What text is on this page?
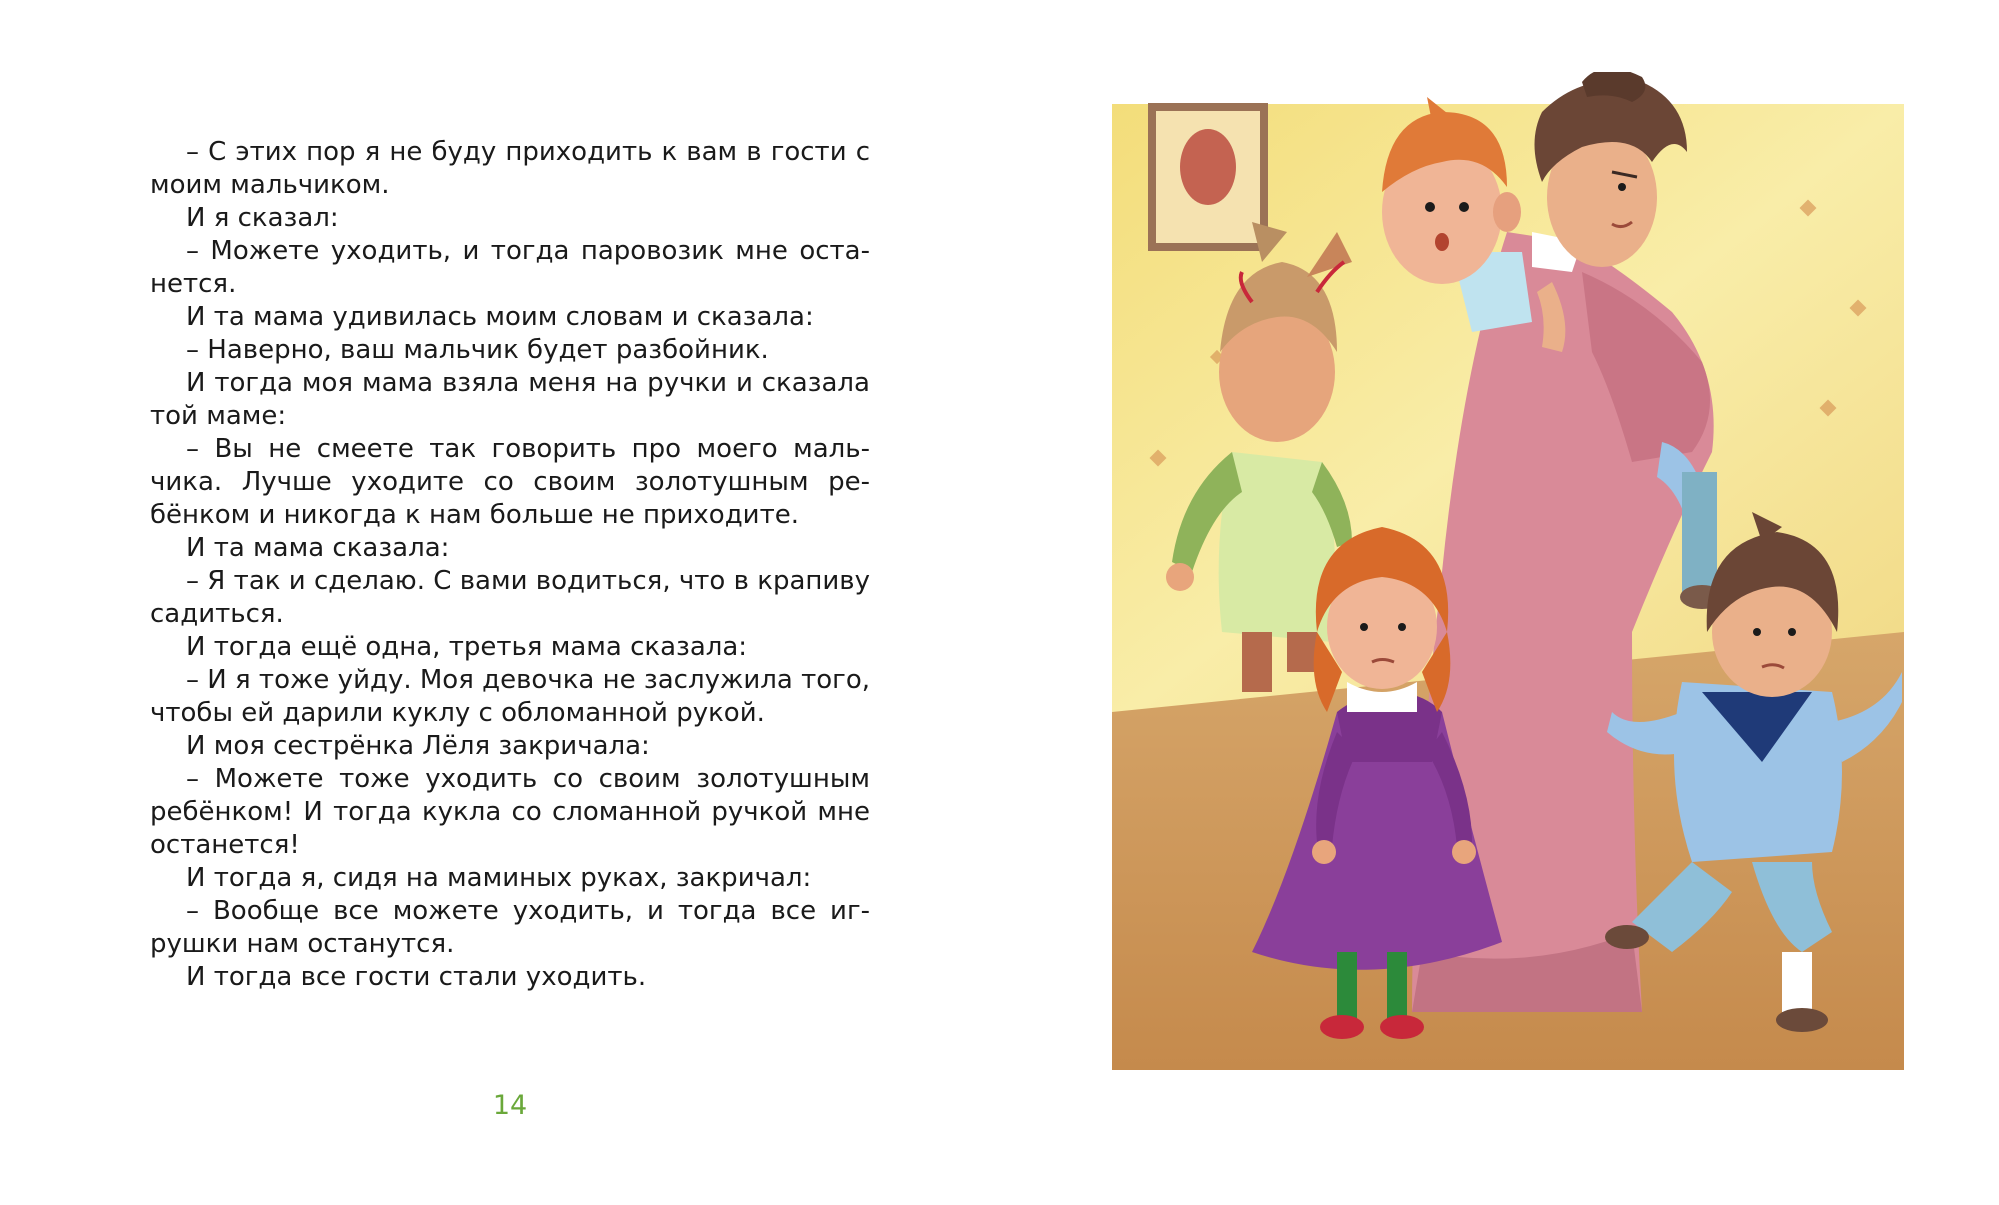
– С этих пор я не буду приходить к вам в гости с моим мальчиком.

И я сказал:

– Можете уходить, и тогда паровозик мне останется.

И та мама удивилась моим словам и сказала:

– Наверно, ваш мальчик будет разбойник.

И тогда моя мама взяла меня на ручки и сказала той маме:

– Вы не смеете так говорить про моего мальчика. Лучше уходите со своим золотушным ребёнком и никогда к нам больше не приходите.

И та мама сказала:

– Я так и сделаю. С вами водиться, что в крапиву садиться.

И тогда ещё одна, третья мама сказала:

– И я тоже уйду. Моя девочка не заслужила того, чтобы ей дарили куклу с обломанной рукой.

И моя сестрёнка Лёля закричала:

– Можете тоже уходить со своим золотушным ребёнком! И тогда кукла со сломанной ручкой мне останется!

И тогда я, сидя на маминых руках, закричал:

– Вообще все можете уходить, и тогда все игрушки нам останутся.

И тогда все гости стали уходить.

14
